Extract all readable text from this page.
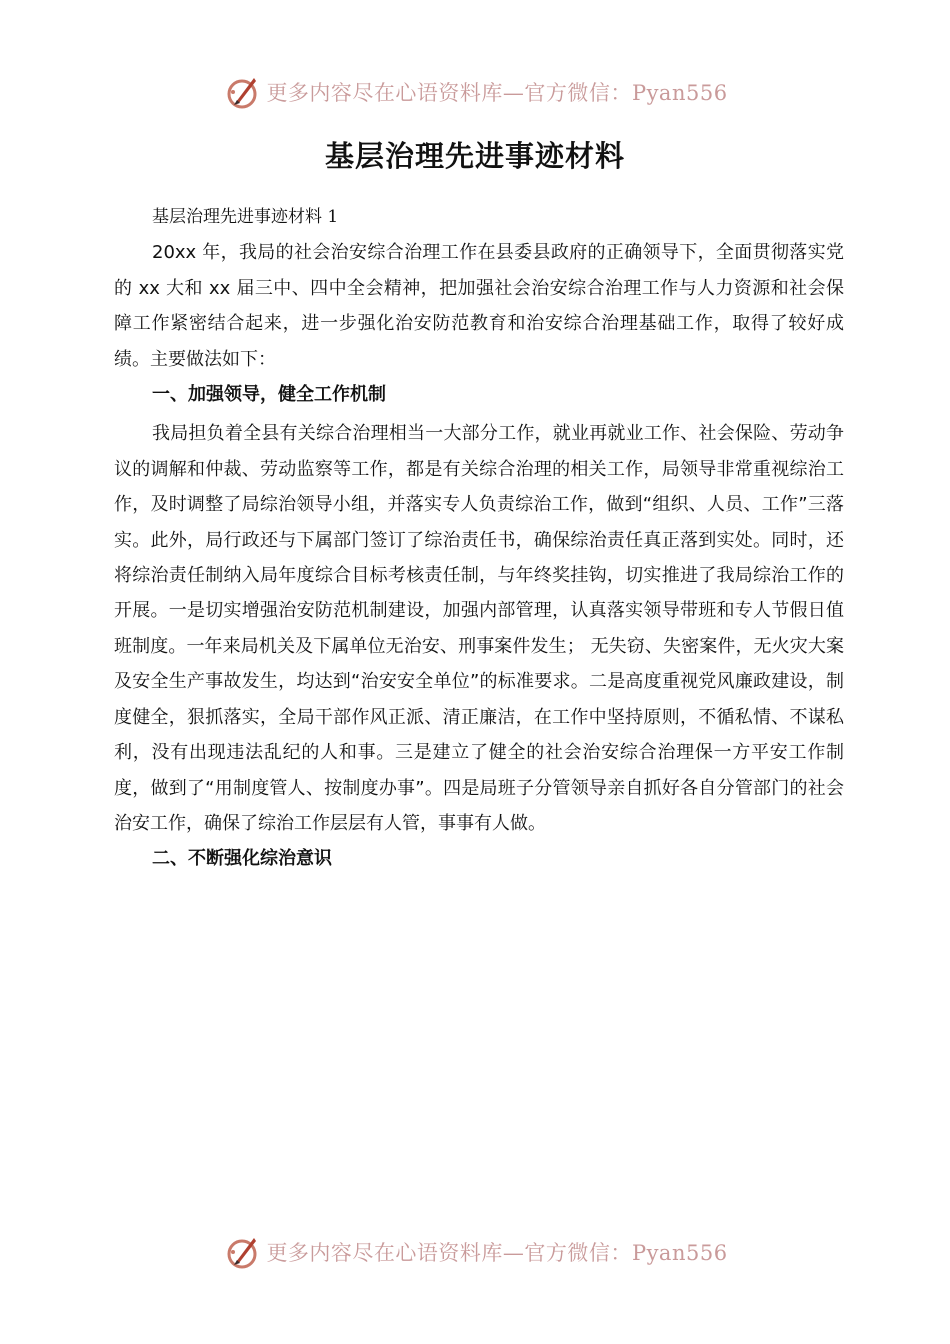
更多内容尽在心语资料库—官方微信：Pyan556
基层治理先进事迹材料

基层治理先进事迹材料 1

20xx 年，我局的社会治安综合治理工作在县委县政府的正确领导下，全面贯彻落实党的 xx 大和 xx 届三中、四中全会精神，把加强社会治安综合治理工作与人力资源和社会保障工作紧密结合起来，进一步强化治安防范教育和治安综合治理基础工作，取得了较好成绩。主要做法如下：

一、加强领导，健全工作机制

我局担负着全县有关综合治理相当一大部分工作，就业再就业工作、社会保险、劳动争议的调解和仲裁、劳动监察等工作，都是有关综合治理的相关工作，局领导非常重视综治工作，及时调整了局综治领导小组，并落实专人负责综治工作，做到“组织、人员、工作”三落实。此外，局行政还与下属部门签订了综治责任书，确保综治责任真正落到实处。同时，还将综治责任制纳入局年度综合目标考核责任制，与年终奖挂钩，切实推进了我局综治工作的开展。一是切实增强治安防范机制建设，加强内部管理，认真落实领导带班和专人节假日值班制度。一年来局机关及下属单位无治安、刑事案件发生； 无失窃、失密案件，无火灾大案及安全生产事故发生，均达到“治安安全单位”的标准要求。二是高度重视党风廉政建设，制度健全，狠抓落实，全局干部作风正派、清正廉洁，在工作中坚持原则，不循私情、不谋私利，没有出现违法乱纪的人和事。三是建立了健全的社会治安综合治理保一方平安工作制度，做到了“用制度管人、按制度办事”。四是局班子分管领导亲自抓好各自分管部门的社会治安工作，确保了综治工作层层有人管，事事有人做。

二、不断强化综治意识

更多内容尽在心语资料库—官方微信：Pyan556
